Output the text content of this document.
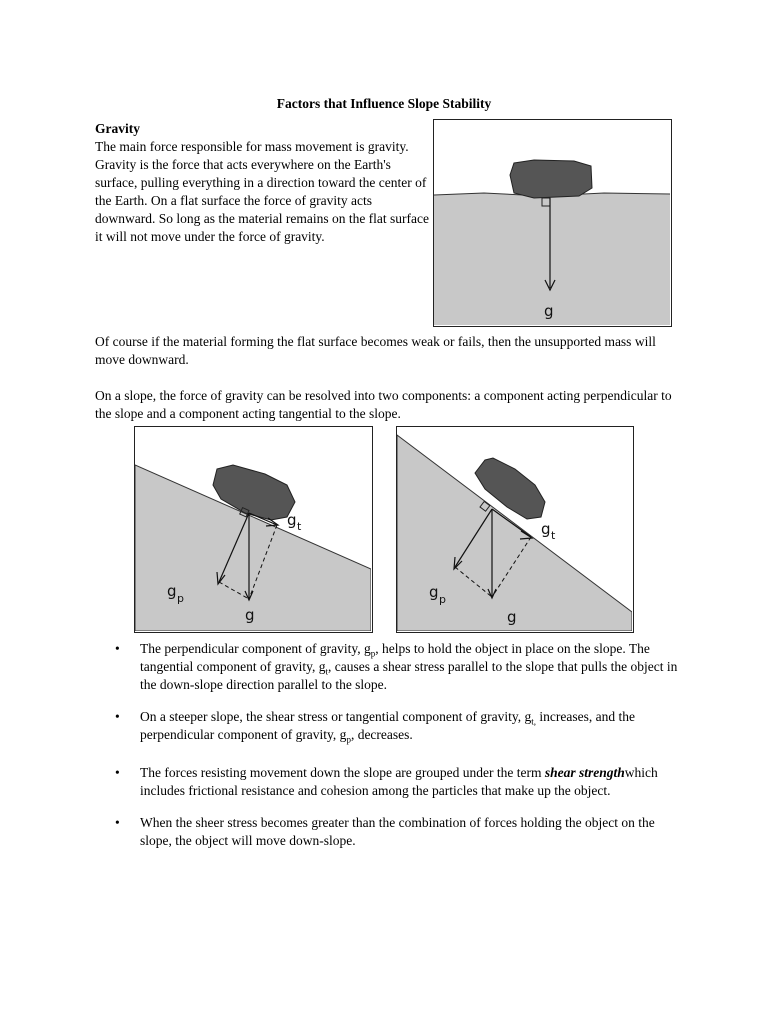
Factors that Influence Slope Stability
Gravity
The main force responsible for mass movement is gravity. Gravity is the force that acts everywhere on the Earth's surface, pulling everything in a direction toward the center of the Earth. On a flat surface the force of gravity acts downward. So long as the material remains on the flat surface it will not move under the force of gravity.
g

Of course if the material forming the flat surface becomes weak or fails, then the unsupported mass will move downward.

On a slope, the force of gravity can be resolved into two components: a component acting perpendicular to the slope and a component acting tangential to the slope.

g t
g p
g
g t
g p
g
• The perpendicular component of gravity, $g_p$, helps to hold the object in place on the slope. The tangential component of gravity, $g_t$, causes a shear stress parallel to the slope that pulls the object in the down-slope direction parallel to the slope.
• On a steeper slope, the shear stress or tangential component of gravity, $g_{t,}$ increases, and the perpendicular component of gravity, $g_p$, decreases.
• The forces resisting movement down the slope are grouped under the term shear strengthwhich includes frictional resistance and cohesion among the particles that make up the object.
• When the sheer stress becomes greater than the combination of forces holding the object on the slope, the object will move down-slope.
